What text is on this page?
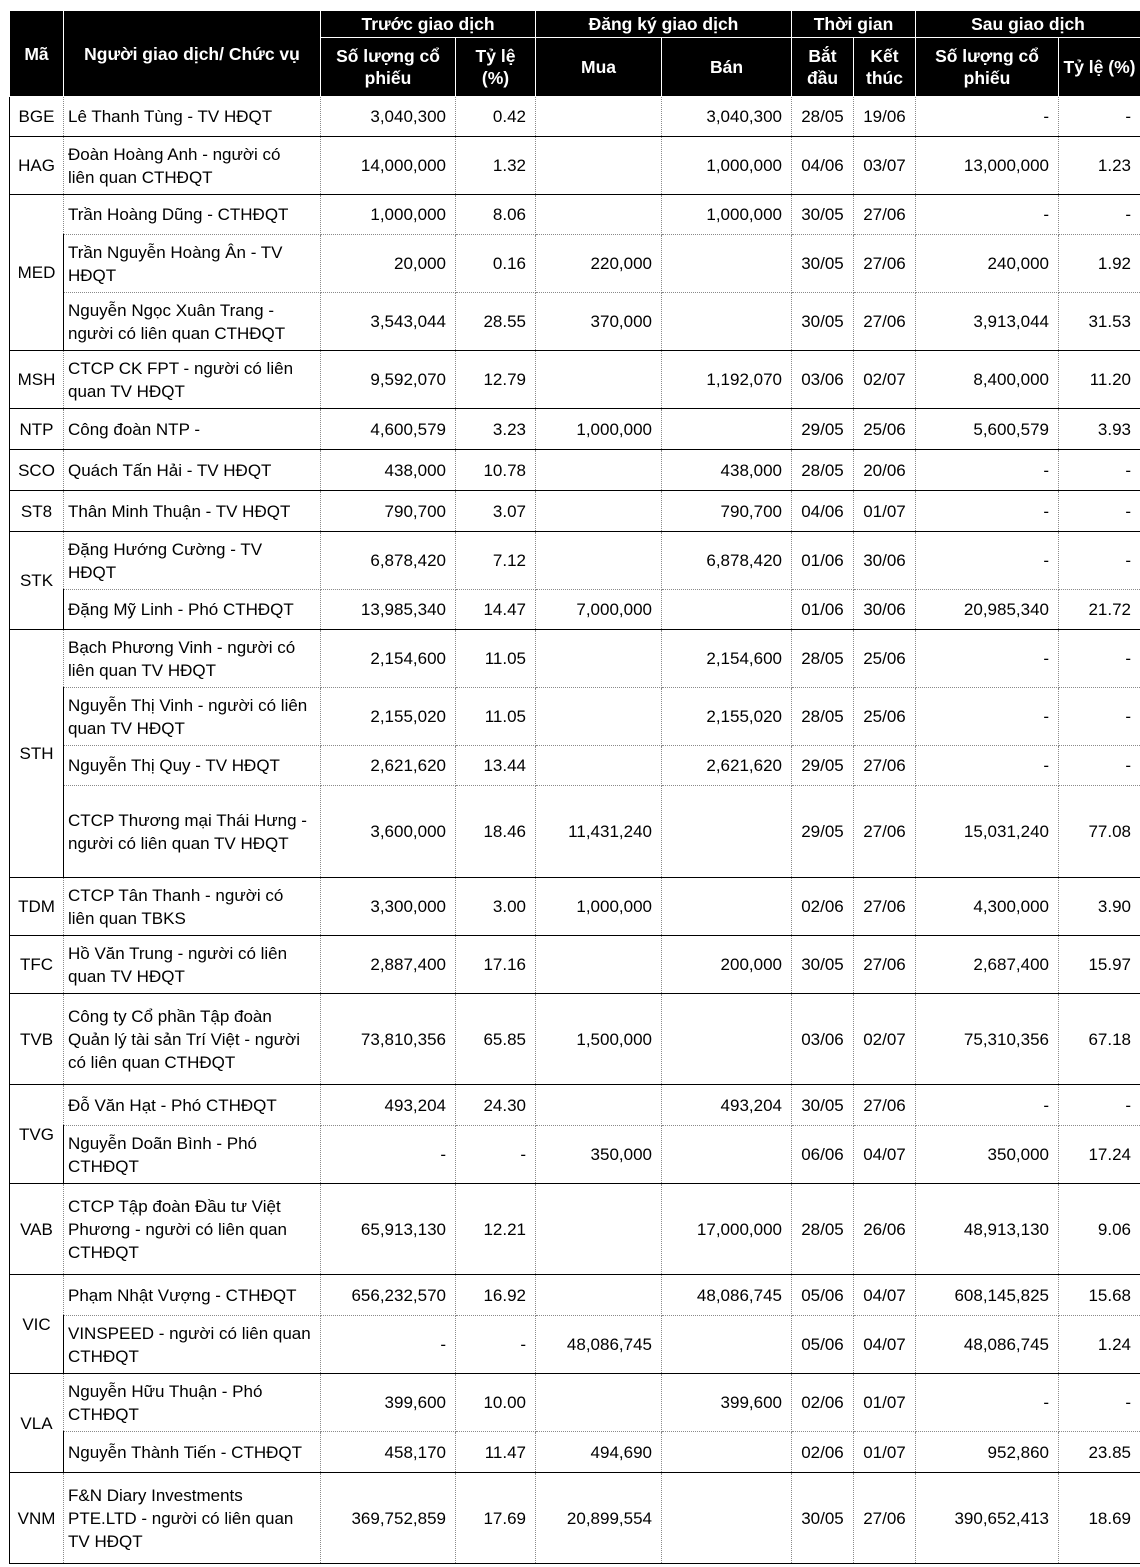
Mã	Người giao dịch/ Chức vụ	Trước giao dịch		Đăng ký giao dịch		Thời gian		Sau giao dịch	
		Số lượng cổ phiếu	Tỷ lệ (%)	Mua	Bán	Bắt đầu	Kết thúc	Số lượng cổ phiếu	Tỷ lệ (%)
BGE	Lê Thanh Tùng - TV HĐQT	3,040,300	0.42		3,040,300	28/05	19/06	-	-
HAG	Đoàn Hoàng Anh - người có liên quan CTHĐQT	14,000,000	1.32		1,000,000	04/06	03/07	13,000,000	1.23
MED	Trần Hoàng Dũng - CTHĐQT	1,000,000	8.06		1,000,000	30/05	27/06	-	-
	Trần Nguyễn Hoàng Ân - TV HĐQT	20,000	0.16	220,000		30/05	27/06	240,000	1.92
	Nguyễn Ngọc Xuân Trang - người có liên quan CTHĐQT	3,543,044	28.55	370,000		30/05	27/06	3,913,044	31.53
MSH	CTCP CK FPT - người có liên quan TV HĐQT	9,592,070	12.79		1,192,070	03/06	02/07	8,400,000	11.20
NTP	Công đoàn NTP -	4,600,579	3.23	1,000,000		29/05	25/06	5,600,579	3.93
SCO	Quách Tấn Hải - TV HĐQT	438,000	10.78		438,000	28/05	20/06	-	-
ST8	Thân Minh Thuận - TV HĐQT	790,700	3.07		790,700	04/06	01/07	-	-
STK	Đặng Hướng Cường - TV HĐQT	6,878,420	7.12		6,878,420	01/06	30/06	-	-
	Đặng Mỹ Linh - Phó CTHĐQT	13,985,340	14.47	7,000,000		01/06	30/06	20,985,340	21.72
STH	Bạch Phương Vinh - người có liên quan TV HĐQT	2,154,600	11.05		2,154,600	28/05	25/06	-	-
	Nguyễn Thị Vinh - người có liên quan TV HĐQT	2,155,020	11.05		2,155,020	28/05	25/06	-	-
	Nguyễn Thị Quy - TV HĐQT	2,621,620	13.44		2,621,620	29/05	27/06	-	-
	CTCP Thương mại Thái Hưng - người có liên quan TV HĐQT	3,600,000	18.46	11,431,240		29/05	27/06	15,031,240	77.08
TDM	CTCP Tân Thanh - người có liên quan TBKS	3,300,000	3.00	1,000,000		02/06	27/06	4,300,000	3.90
TFC	Hồ Văn Trung - người có liên quan TV HĐQT	2,887,400	17.16		200,000	30/05	27/06	2,687,400	15.97
TVB	Công ty Cổ phần Tập đoàn Quản lý tài sản Trí Việt - người có liên quan CTHĐQT	73,810,356	65.85	1,500,000		03/06	02/07	75,310,356	67.18
TVG	Đỗ Văn Hạt - Phó CTHĐQT	493,204	24.30		493,204	30/05	27/06	-	-
	Nguyễn Doãn Bình - Phó CTHĐQT	-	-	350,000		06/06	04/07	350,000	17.24
VAB	CTCP Tập đoàn Đầu tư Việt Phương - người có liên quan CTHĐQT	65,913,130	12.21		17,000,000	28/05	26/06	48,913,130	9.06
VIC	Phạm Nhật Vượng - CTHĐQT	656,232,570	16.92		48,086,745	05/06	04/07	608,145,825	15.68
	VINSPEED - người có liên quan CTHĐQT	-	-	48,086,745		05/06	04/07	48,086,745	1.24
VLA	Nguyễn Hữu Thuận - Phó CTHĐQT	399,600	10.00		399,600	02/06	01/07	-	-
	Nguyễn Thành Tiến - CTHĐQT	458,170	11.47	494,690		02/06	01/07	952,860	23.85
VNM	F&N Diary Investments PTE.LTD - người có liên quan TV HĐQT	369,752,859	17.69	20,899,554		30/05	27/06	390,652,413	18.69
